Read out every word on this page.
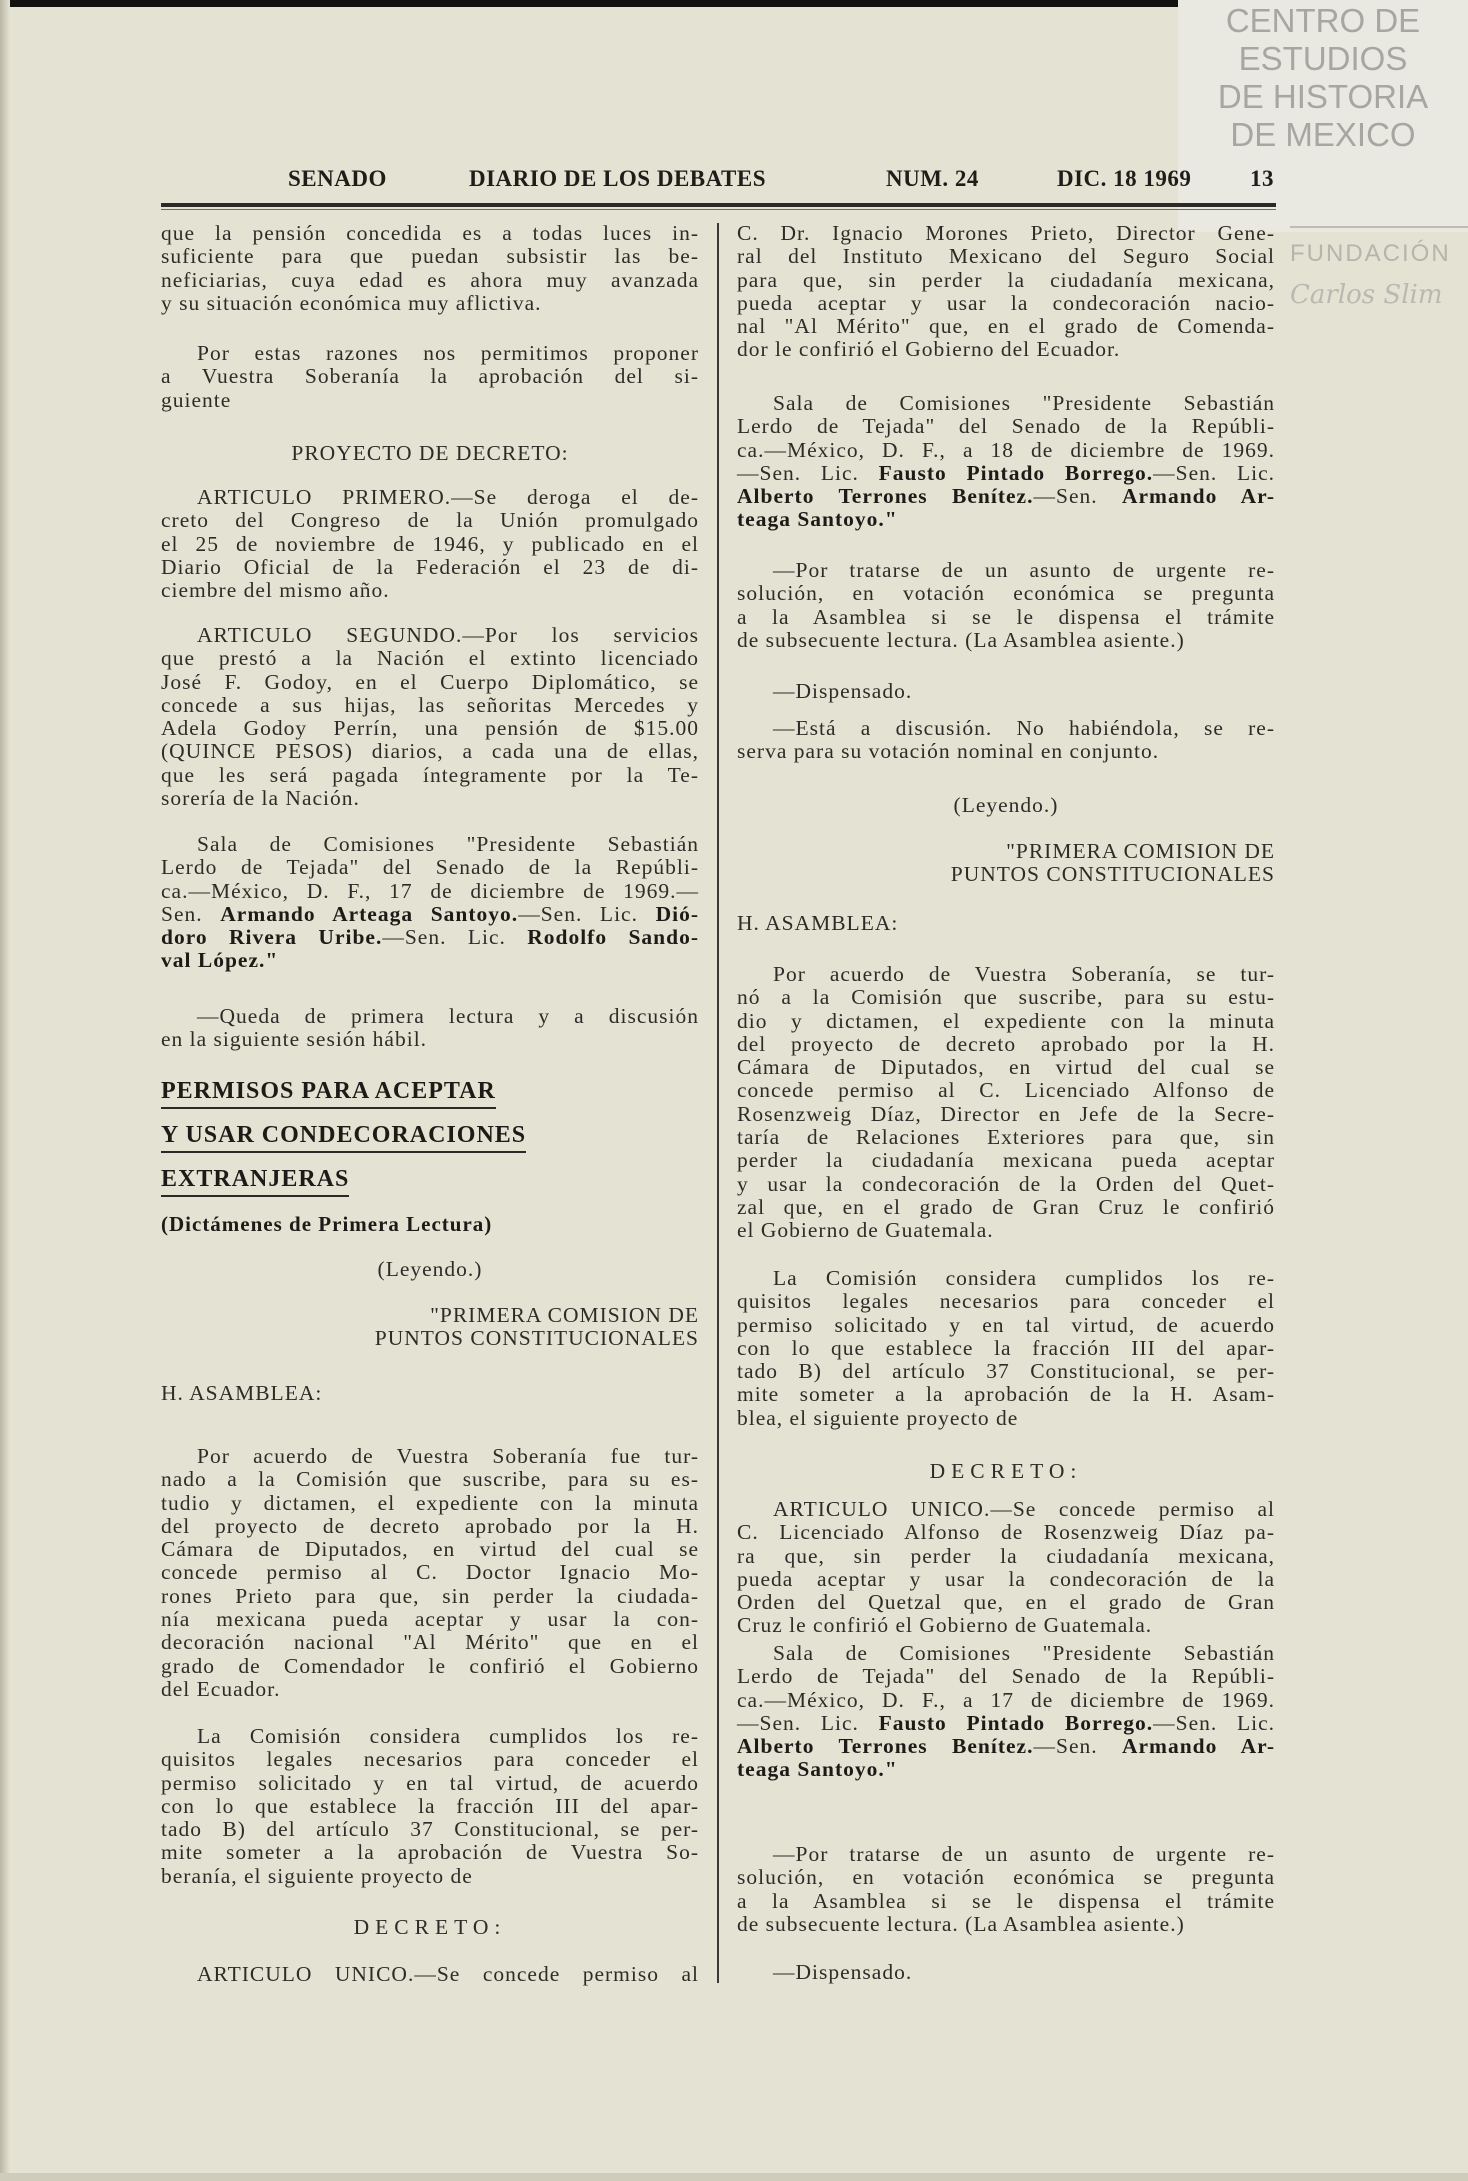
CENTRO DE
ESTUDIOS
DE HISTORIA
DE MEXICO
FUNDACIÓN
Carlos Slim
SENADO	DIARIO DE LOS DEBATES	NUM. 24	DIC. 18 1969	13
que la pensión concedida es a todas luces in-
suficiente para que puedan subsistir las be-
neficiarias, cuya edad es ahora muy avanzada
y su situación económica muy aflictiva.
Por estas razones nos permitimos proponer
a Vuestra Soberanía la aprobación del si-
guiente
PROYECTO DE DECRETO:
ARTICULO PRIMERO.—Se deroga el de-
creto del Congreso de la Unión promulgado
el 25 de noviembre de 1946, y publicado en el
Diario Oficial de la Federación el 23 de di-
ciembre del mismo año.
ARTICULO SEGUNDO.—Por los servicios
que prestó a la Nación el extinto licenciado
José F. Godoy, en el Cuerpo Diplomático, se
concede a sus hijas, las señoritas Mercedes y
Adela Godoy Perrín, una pensión de $15.00
(QUINCE PESOS) diarios, a cada una de ellas,
que les será pagada íntegramente por la Te-
sorería de la Nación.
Sala de Comisiones "Presidente Sebastián
Lerdo de Tejada" del Senado de la Repúbli-
ca.—México, D. F., 17 de diciembre de 1969.—
Sen. Armando Arteaga Santoyo.—Sen. Lic. Dió-
doro Rivera Uribe.—Sen. Lic. Rodolfo Sando-
val López."
—Queda de primera lectura y a discusión
en la siguiente sesión hábil.
PERMISOS PARA ACEPTAR
Y USAR CONDECORACIONES
EXTRANJERAS
(Dictámenes de Primera Lectura)
(Leyendo.)
"PRIMERA COMISION DE
PUNTOS CONSTITUCIONALES
H. ASAMBLEA:
Por acuerdo de Vuestra Soberanía fue tur-
nado a la Comisión que suscribe, para su es-
tudio y dictamen, el expediente con la minuta
del proyecto de decreto aprobado por la H.
Cámara de Diputados, en virtud del cual se
concede permiso al C. Doctor Ignacio Mo-
rones Prieto para que, sin perder la ciudada-
nía mexicana pueda aceptar y usar la con-
decoración nacional "Al Mérito" que en el
grado de Comendador le confirió el Gobierno
del Ecuador.
La Comisión considera cumplidos los re-
quisitos legales necesarios para conceder el
permiso solicitado y en tal virtud, de acuerdo
con lo que establece la fracción III del apar-
tado B) del artículo 37 Constitucional, se per-
mite someter a la aprobación de Vuestra So-
beranía, el siguiente proyecto de
DECRETO:
ARTICULO UNICO.—Se concede permiso al
C. Dr. Ignacio Morones Prieto, Director Gene-
ral del Instituto Mexicano del Seguro Social
para que, sin perder la ciudadanía mexicana,
pueda aceptar y usar la condecoración nacio-
nal "Al Mérito" que, en el grado de Comenda-
dor le confirió el Gobierno del Ecuador.
Sala de Comisiones "Presidente Sebastián
Lerdo de Tejada" del Senado de la Repúbli-
ca.—México, D. F., a 18 de diciembre de 1969.
—Sen. Lic. Fausto Pintado Borrego.—Sen. Lic.
Alberto Terrones Benítez.—Sen. Armando Ar-
teaga Santoyo."
—Por tratarse de un asunto de urgente re-
solución, en votación económica se pregunta
a la Asamblea si se le dispensa el trámite
de subsecuente lectura. (La Asamblea asiente.)
—Dispensado.
—Está a discusión. No habiéndola, se re-
serva para su votación nominal en conjunto.
(Leyendo.)
"PRIMERA COMISION DE
PUNTOS CONSTITUCIONALES
H. ASAMBLEA:
Por acuerdo de Vuestra Soberanía, se tur-
nó a la Comisión que suscribe, para su estu-
dio y dictamen, el expediente con la minuta
del proyecto de decreto aprobado por la H.
Cámara de Diputados, en virtud del cual se
concede permiso al C. Licenciado Alfonso de
Rosenzweig Díaz, Director en Jefe de la Secre-
taría de Relaciones Exteriores para que, sin
perder la ciudadanía mexicana pueda aceptar
y usar la condecoración de la Orden del Quet-
zal que, en el grado de Gran Cruz le confirió
el Gobierno de Guatemala.
La Comisión considera cumplidos los re-
quisitos legales necesarios para conceder el
permiso solicitado y en tal virtud, de acuerdo
con lo que establece la fracción III del apar-
tado B) del artículo 37 Constitucional, se per-
mite someter a la aprobación de la H. Asam-
blea, el siguiente proyecto de
DECRETO:
ARTICULO UNICO.—Se concede permiso al
C. Licenciado Alfonso de Rosenzweig Díaz pa-
ra que, sin perder la ciudadanía mexicana,
pueda aceptar y usar la condecoración de la
Orden del Quetzal que, en el grado de Gran
Cruz le confirió el Gobierno de Guatemala.
Sala de Comisiones "Presidente Sebastián
Lerdo de Tejada" del Senado de la Repúbli-
ca.—México, D. F., a 17 de diciembre de 1969.
—Sen. Lic. Fausto Pintado Borrego.—Sen. Lic.
Alberto Terrones Benítez.—Sen. Armando Ar-
teaga Santoyo."
—Por tratarse de un asunto de urgente re-
solución, en votación económica se pregunta
a la Asamblea si se le dispensa el trámite
de subsecuente lectura. (La Asamblea asiente.)
—Dispensado.
